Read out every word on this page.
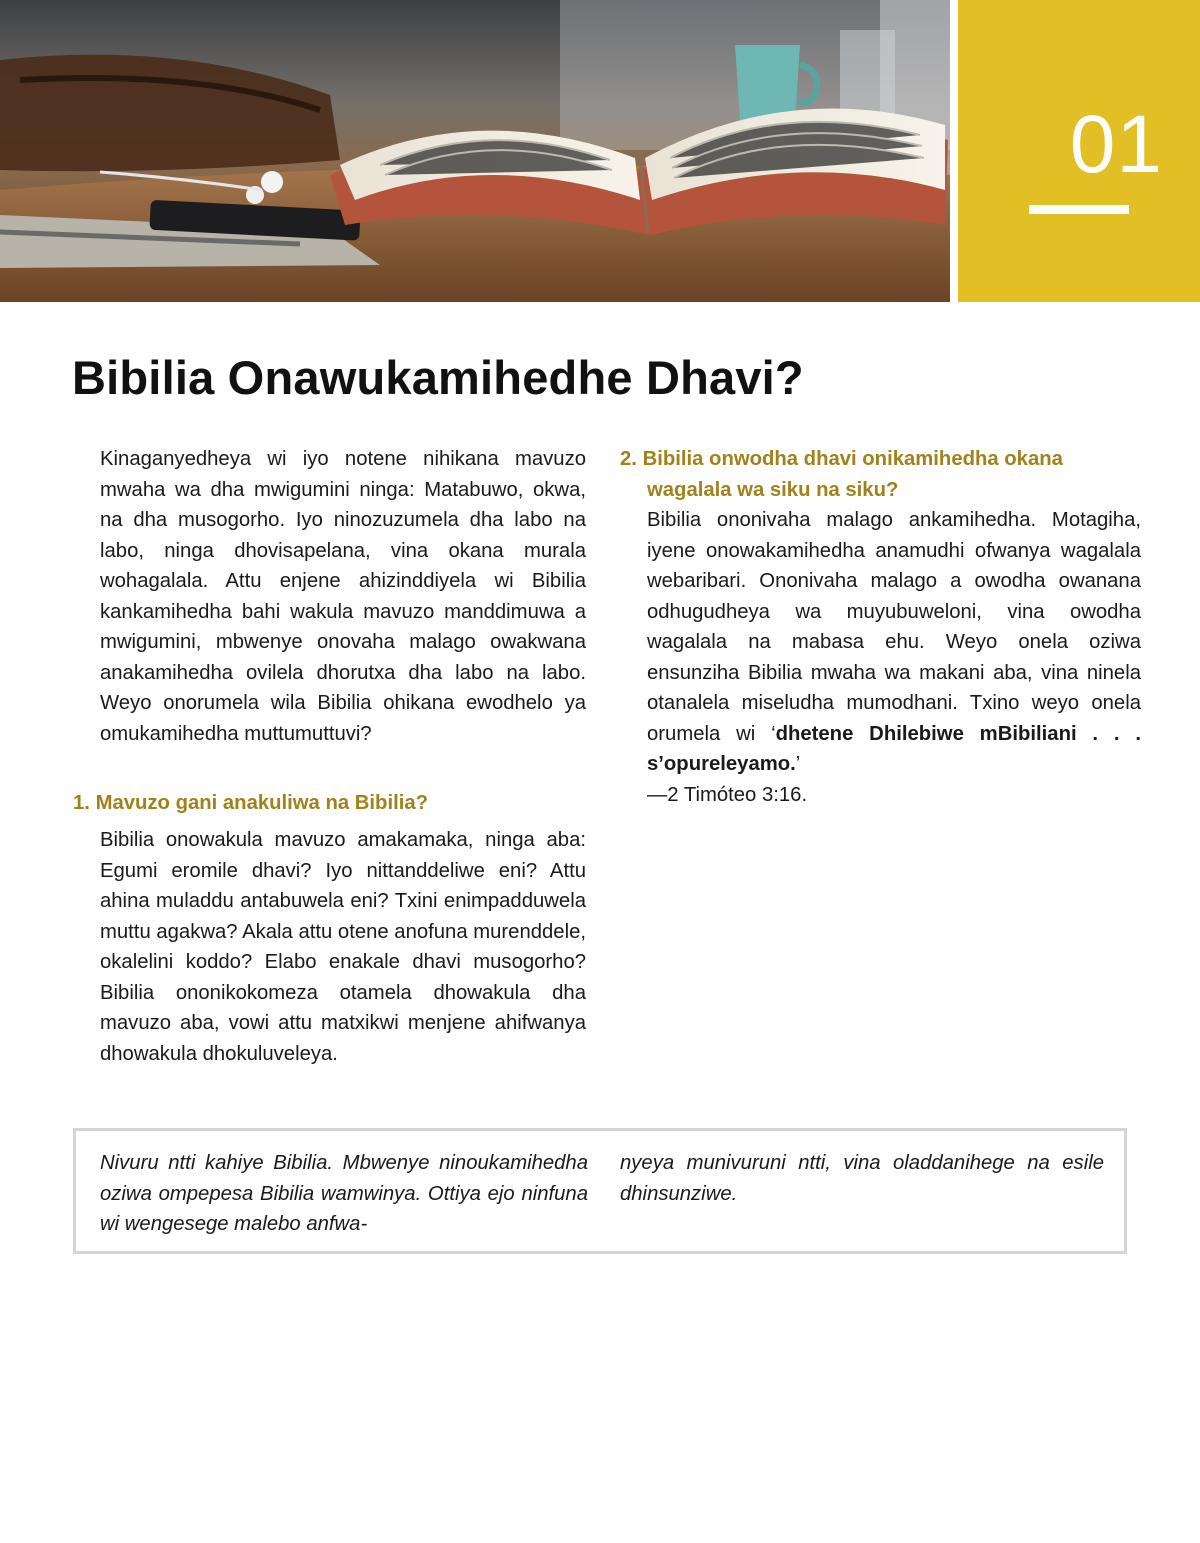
01
Bibilia Onawukamihedhe Dhavi?

Kinaganyedheya wi iyo notene nihikana mavuzo mwaha wa dha mwigumini ninga: Matabuwo, okwa, na dha musogorho. Iyo ninozuzumela dha labo na labo, ninga dhovisapelana, vina okana murala wohagalala. Attu enjene ahizinddiyela wi Bibilia kankamihedha bahi wakula mavuzo manddimuwa a mwigumini, mbwenye onovaha malago owakwana anakamihedha ovilela dhorutxa dha labo na labo. Weyo onorumela wila Bibilia ohikana ewodhelo ya omukamihedha muttumuttuvi?

1. Mavuzo gani anakuliwa na Bibilia?

Bibilia onowakula mavuzo amakamaka, ninga aba: Egumi eromile dhavi? Iyo nittanddeliwe eni? Attu ahina muladdu antabuwela eni? Txini enimpadduwela muttu agakwa? Akala attu otene anofuna murenddele, okalelini koddo? Elabo enakale dhavi musogorho? Bibilia ononikokomeza otamela dhowakula dha mavuzo aba, vowi attu matxikwi menjene ahifwanya dhowakula dhokuluveleya.

2. Bibilia onwodha dhavi onikamihedha okana
wagalala wa siku na siku?

Bibilia ononivaha malago ankamihedha. Motagiha, iyene onowakamihedha anamudhi ofwanya wagalala webaribari. Ononivaha malago a owodha owanana odhugudheya wa muyubuweloni, vina owodha wagalala na mabasa ehu. Weyo onela oziwa ensunziha Bibilia mwaha wa makani aba, vina ninela otanalela miseludha mumodhani. Txino weyo onela orumela wi ‘dhetene Dhilebiwe mBibiliani . . . s’opureleyamo.’
—2 Timóteo 3:16.

Nivuru ntti kahiye Bibilia. Mbwenye ninoukamihedha oziwa ompepesa Bibilia wamwinya. Ottiya ejo ninfuna wi wengesege malebo anfwa-
nyeya munivuruni ntti, vina oladdanihege na esile dhinsunziwe.
